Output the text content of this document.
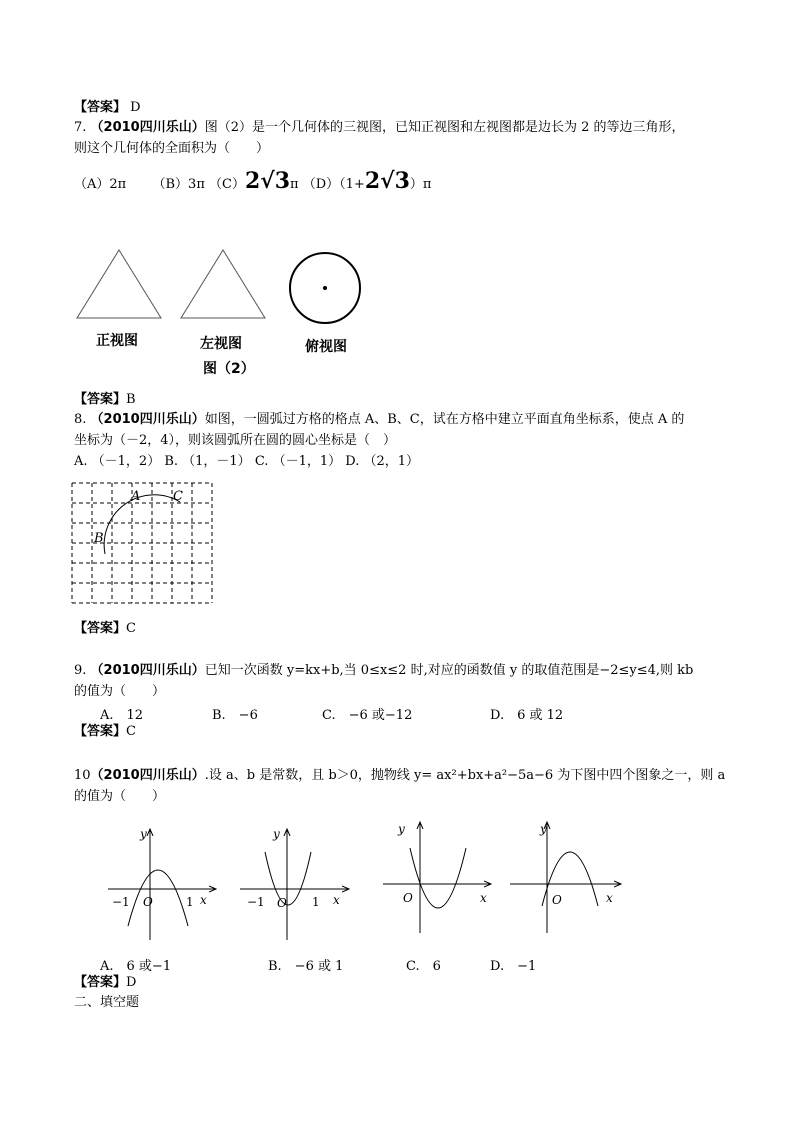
【答案】 D
7. （2010四川乐山）图（2）是一个几何体的三视图，已知正视图和左视图都是边长为 2 的等边三角形，
则这个几何体的全面积为（　　）
（A）2π （B）3π （C）2√3π （D）（1+2√3）π
正视图	左视图
图（2）
俯视图
【答案】B
8. （2010四川乐山）如图，一圆弧过方格的格点 A、B、C，试在方格中建立平面直角坐标系，使点 A 的
坐标为（－2，4），则该圆弧所在圆的圆心坐标是（　）
A. （－1，2） B. （1，－1） C. （－1，1） D. （2，1）
A
B
C
【答案】C
9. （2010四川乐山）已知一次函数 y=kx+b,当 0≤x≤2 时,对应的函数值 y 的取值范围是−2≤y≤4,则 kb
的值为（　　）
A.　12	B.　−6	C.　−6 或−12	D.　6 或 12
【答案】C
10（2010四川乐山）.设 a、b 是常数，且 b＞0，抛物线 y= ax²+bx+a²−5a−6 为下图中四个图象之一，则 a
的值为（　　）
y
x
O
−1	1
y
x
O
−1	1
y
x
O
y
x
O
A.　6 或−1	B.　−6 或 1	C.　6	D.　−1
【答案】D
二、填空题
